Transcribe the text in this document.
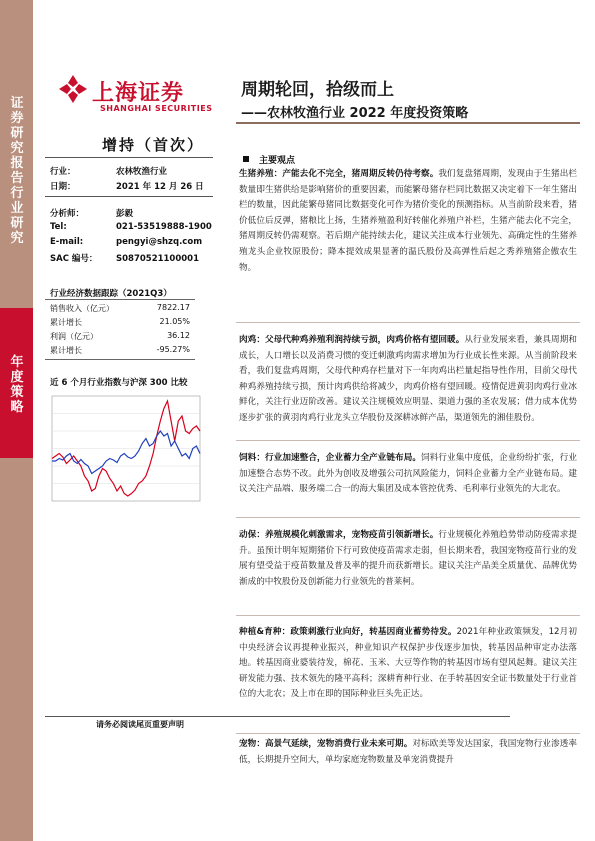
证券研究报告 行业研究
年度策略
上海证券
SHANGHAI SECURITIES
增持（首次）
行业：	农林牧渔行业
日期：	2021 年 12 月 26 日
分析师：	彭毅
Tel:	021-53519888-1900
E-mail:	pengyi@shzq.com
SAC 编号： S0870521100001
行业经济数据跟踪（2021Q3）
销售收入（亿元）	7822.17
累计增长	21.05%
利润（亿元）	36.12
累计增长	-95.27%
近 6 个月行业指数与沪深 300 比较
周期轮回，拾级而上
——农林牧渔行业 2022 年度投资策略
主要观点
生猪养殖：产能去化不完全，猪周期反转仍待考察。我们复盘猪周期，发现由于生猪出栏数量即生猪供给是影响猪价的重要因素，而能繁母猪存栏同比数据又决定着下一年生猪出栏的数量，因此能繁母猪同比数据变化可作为猪价变化的预测指标。从当前阶段来看，猪价低位后反弹，猪粮比上扬，生猪养殖盈利好转催化养殖户补栏，生猪产能去化不完全，猪周期反转仍需观察。若后期产能持续去化，建议关注成本行业领先、高确定性的生猪养殖龙头企业牧原股份；降本提效成果显著的温氏股份及高弹性后起之秀养殖猪企傲农生物。
肉鸡：父母代种鸡养殖利润持续亏损，肉鸡价格有望回暖。从行业发展来看，兼具周期和成长，人口增长以及消费习惯的变迁刺激鸡肉需求增加为行业成长性来源。从当前阶段来看，我们复盘鸡周期，父母代种鸡存栏量对下一年肉鸡出栏量起指导性作用，目前父母代种鸡养殖持续亏损，预计肉鸡供给将减少，肉鸡价格有望回暖。疫情促进黄羽肉鸡行业冰鲜化，关注行业迈阶改善。建议关注规模效应明显、渠道力强的圣农发展；借力成本优势逐步扩张的黄羽肉鸡行业龙头立华股份及深耕冰鲜产品，渠道领先的湘佳股份。
饲料：行业加速整合，企业蓄力全产业链布局。饲料行业集中度低，企业纷纷扩张，行业加速整合态势不改。此外为创收及增强公司抗风险能力，饲料企业蓄力全产业链布局。建议关注产品端、服务端二合一的海大集团及成本管控优秀、毛利率行业领先的大北农。
动保：养殖规模化刺激需求，宠物疫苗引领新增长。行业规模化养殖趋势带动防疫需求提升。虽预计明年短期猪价下行可致使疫苗需求走弱，但长期来看，我国宠物疫苗行业的发展有望受益于疫苗数量及普及率的提升而获新增长。建议关注产品美全质量优、品牌优势渐成的中牧股份及创新能力行业领先的普莱柯。
种植&育种：政策刺激行业向好，转基因商业蓄势待发。2021年种业政策频发，12月初中央经济会议再提种业振兴，种业知识产权保护步伐逐步加快，转基因品种审定办法落地。转基因商业婆装待发，棉花、玉米、大豆等作物的转基因市场有望风起舞。建议关注研发能力强、技术领先的隆平高科；深耕育种行业、在手转基因安全证书数量处于行业首位的大北农；及上市在即的国际种业巨头先正达。
宠物：高景气延续，宠物消费行业未来可期。对标欧美等发达国家，我国宠物行业渗透率低，长期提升空间大，单均家庭宠物数量及单宠消费提升
请务必阅读尾页重要声明
